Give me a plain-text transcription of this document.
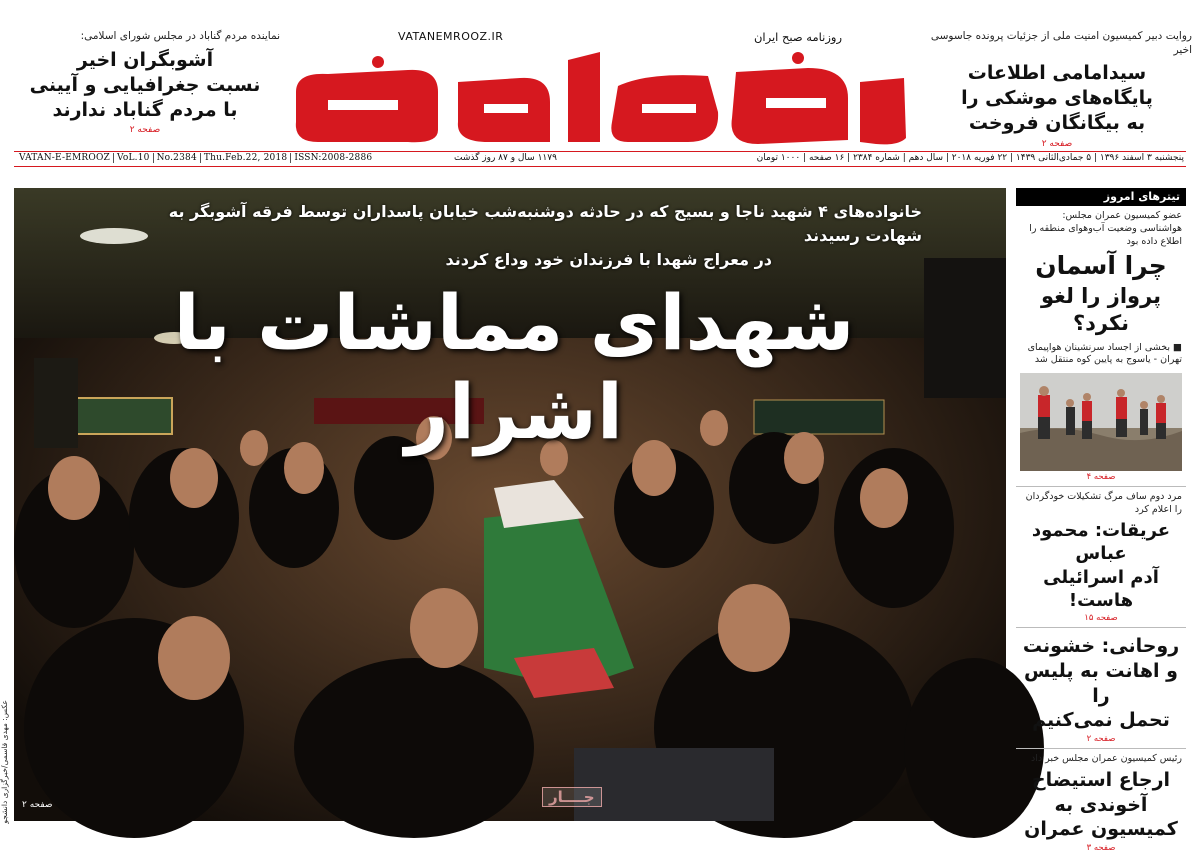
روایت دبیر کمیسیون امنیت ملی از جزئیات پرونده جاسوسی اخیر
سیدامامی اطلاعات
پایگاه‌های موشکی را
به بیگانگان فروخت
صفحه ۲
نماینده مردم گناباد در مجلس شورای اسلامی:
آشوبگران اخیر
نسبت جغرافیایی و آیینی
با مردم گناباد ندارند
صفحه ۲
روزنامه صبح ایران
VATANEMROOZ.IR
VATAN-E-EMROOZ VoL.10 No.2384 Thu.Feb.22, 2018 ISSN:2008-2886	۱۱۷۹ سال و ۸۷ روز گذشت	پنجشنبه ۳ اسفند ۱۳۹۶ | ۵ جمادی‌الثانی ۱۴۳۹ | ۲۲ فوریه ۲۰۱۸ | سال دهم | شماره ۲۳۸۴ | ۱۶ صفحه | ۱۰۰۰ تومان
خانواده‌های ۴ شهید ناجا و بسیج که در حادثه دوشنبه‌شب خیابان پاسداران توسط فرقه آشوبگر به شهادت رسیدند
در معراج شهدا با فرزندان خود وداع کردند
شهدای مماشات با اشرار
عکس: مهدی قاسمی/خبرگزاری دانشجو	صفحه ۲	جــــار
تیترهای امروز
عضو کمیسیون عمران مجلس: هواشناسی وضعیت آب‌وهوای منطقه را اطلاع داده بود
چرا آسمان
پرواز را لغو نکرد؟
■ بخشی از اجساد سرنشینان هواپیمای تهران - یاسوج به پایین کوه منتقل شد
صفحه ۴
مرد دوم ساف مرگ تشکیلات خودگردان را اعلام کرد
عریقات: محمود عباس
آدم اسرائیلی هاست!
صفحه ۱۵
روحانی: خشونت
و اهانت به پلیس را
تحمل نمی‌کنیم
صفحه ۲
رئیس کمیسیون عمران مجلس خبر داد
ارجاع استیضاح
آخوندی به
کمیسیون عمران
صفحه ۳
